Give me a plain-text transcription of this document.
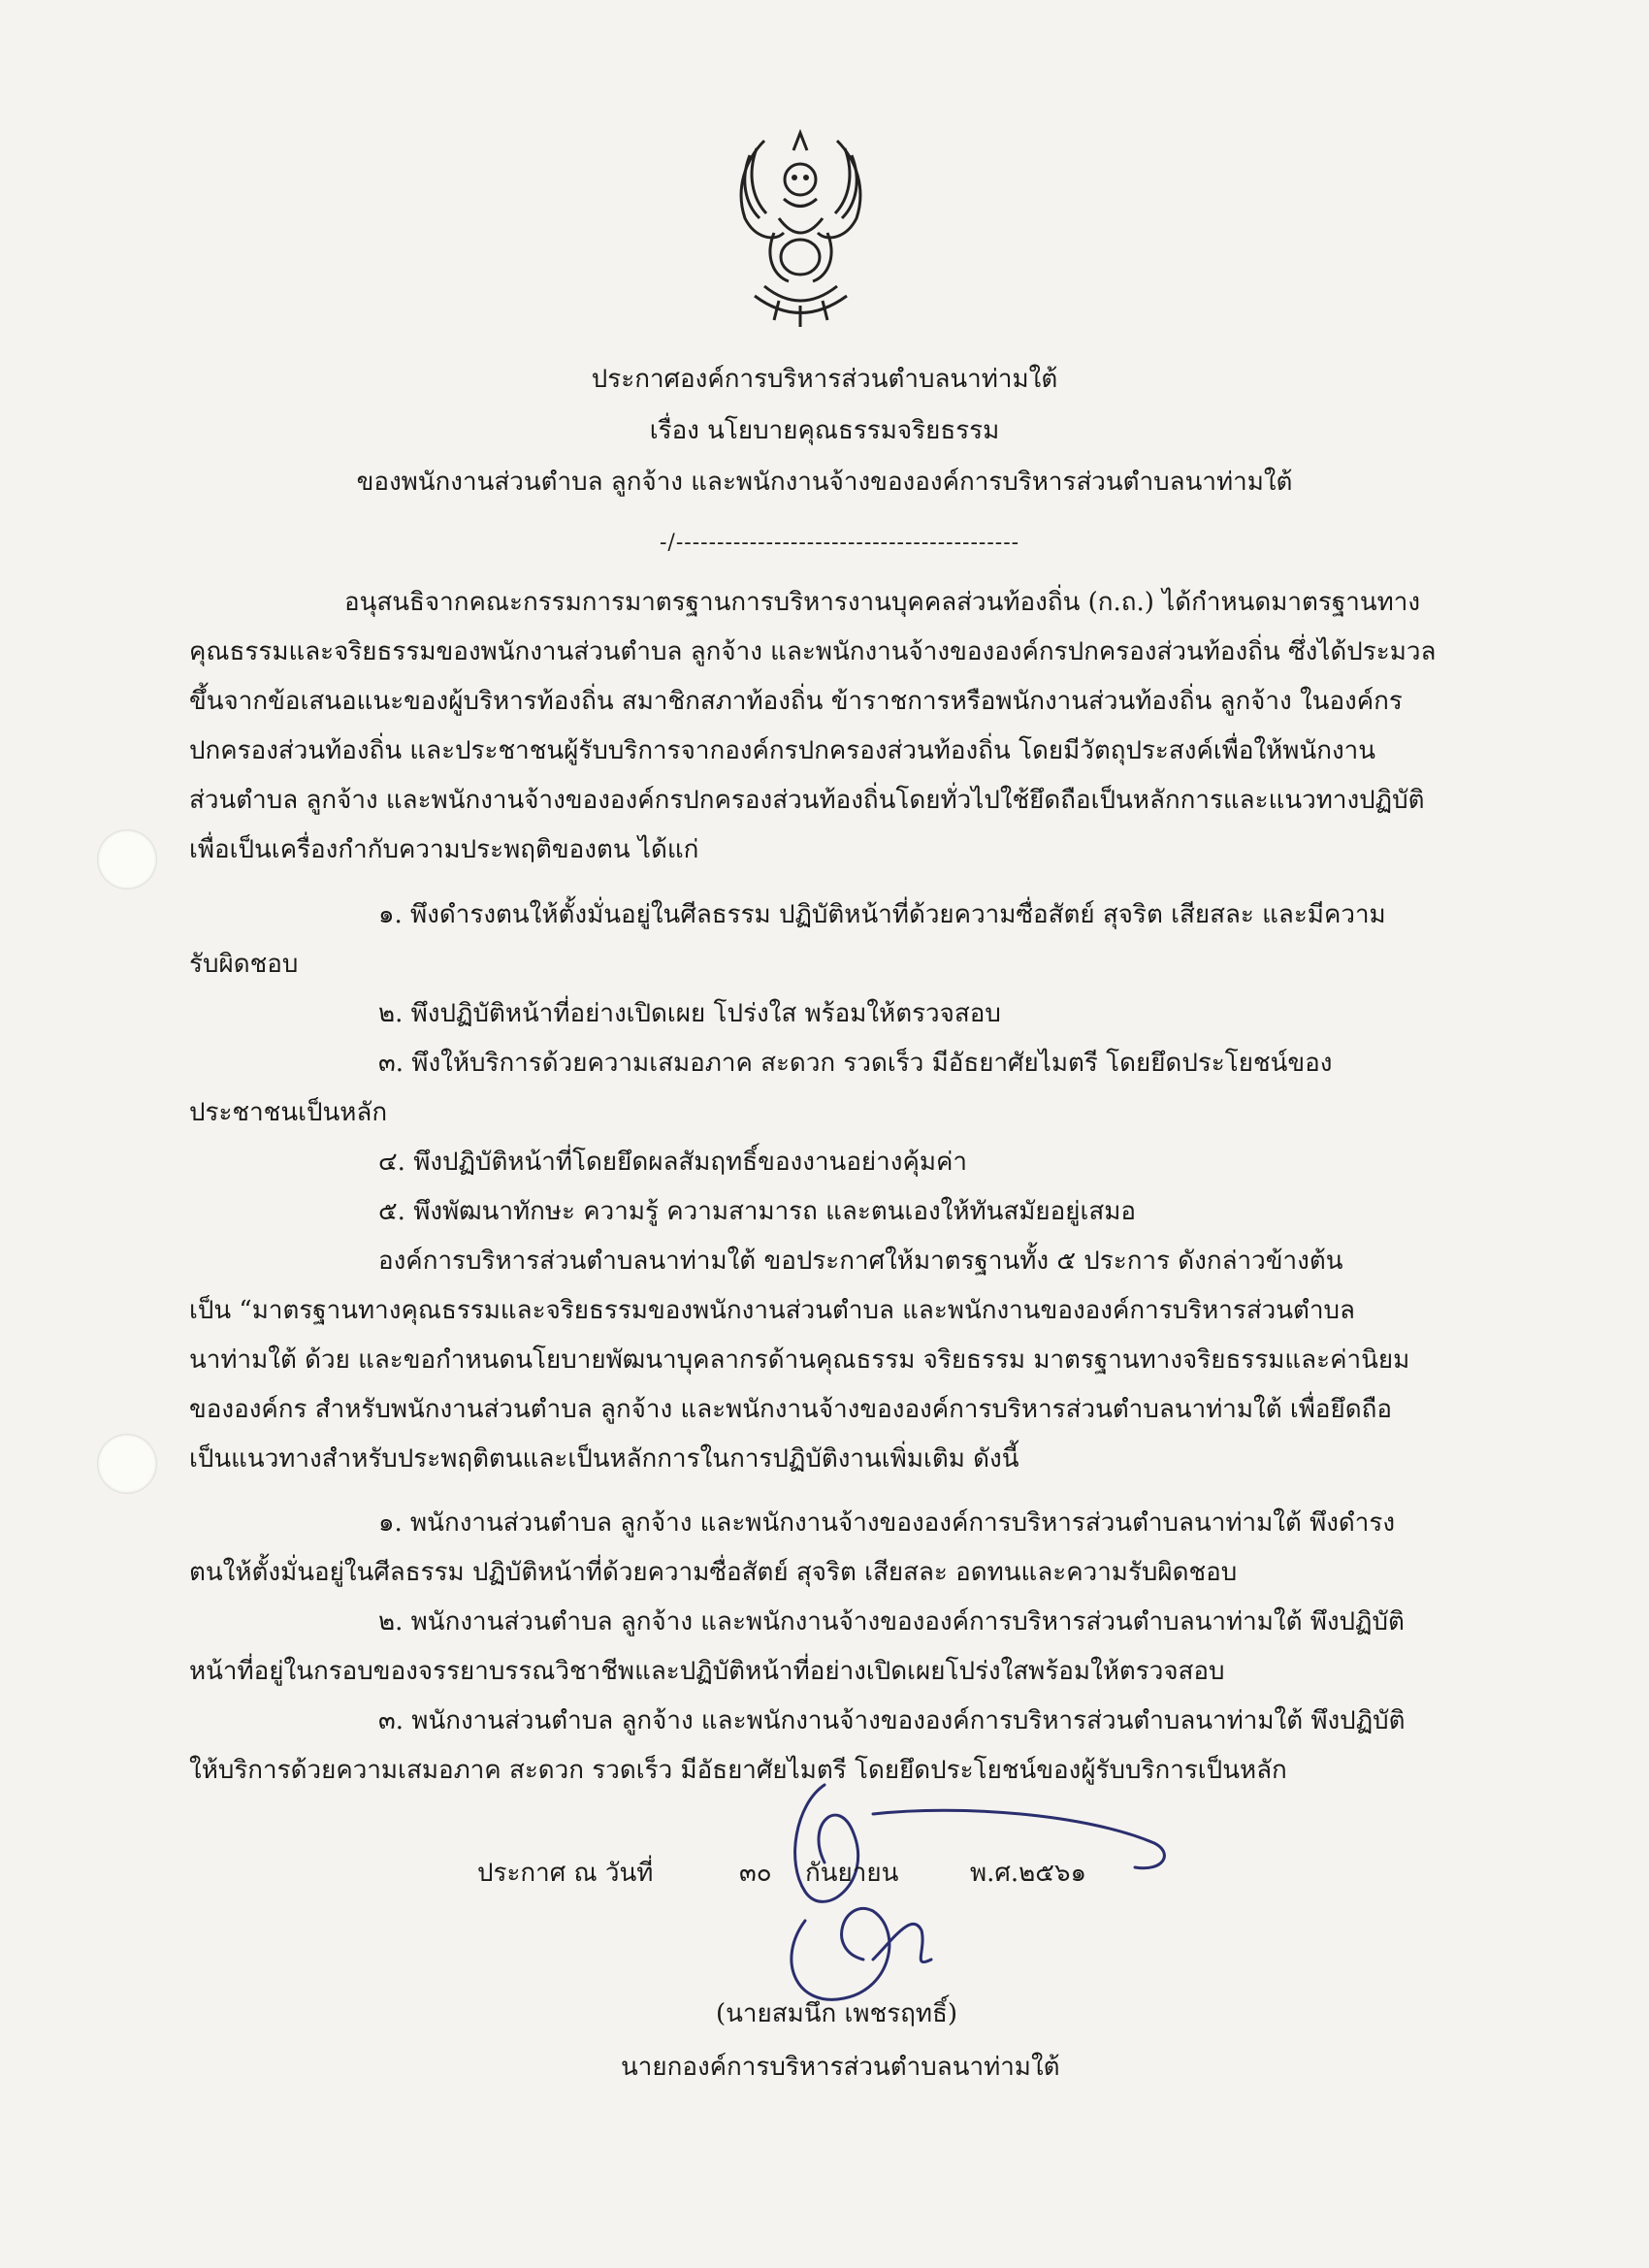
ประกาศองค์การบริหารส่วนตำบลนาท่ามใต้
เรื่อง นโยบายคุณธรรมจริยธรรม
ของพนักงานส่วนตำบล ลูกจ้าง และพนักงานจ้างขององค์การบริหารส่วนตำบลนาท่ามใต้
-/------------------------------------------
อนุสนธิจากคณะกรรมการมาตรฐานการบริหารงานบุคคลส่วนท้องถิ่น (ก.ถ.) ได้กำหนดมาตรฐานทาง
คุณธรรมและจริยธรรมของพนักงานส่วนตำบล ลูกจ้าง และพนักงานจ้างขององค์กรปกครองส่วนท้องถิ่น ซึ่งได้ประมวล
ขึ้นจากข้อเสนอแนะของผู้บริหารท้องถิ่น สมาชิกสภาท้องถิ่น ข้าราชการหรือพนักงานส่วนท้องถิ่น ลูกจ้าง ในองค์กร
ปกครองส่วนท้องถิ่น และประชาชนผู้รับบริการจากองค์กรปกครองส่วนท้องถิ่น โดยมีวัตถุประสงค์เพื่อให้พนักงาน
ส่วนตำบล ลูกจ้าง และพนักงานจ้างขององค์กรปกครองส่วนท้องถิ่นโดยทั่วไปใช้ยึดถือเป็นหลักการและแนวทางปฏิบัติ
เพื่อเป็นเครื่องกำกับความประพฤติของตน ได้แก่
๑. พึงดำรงตนให้ตั้งมั่นอยู่ในศีลธรรม ปฏิบัติหน้าที่ด้วยความซื่อสัตย์ สุจริต เสียสละ และมีความ
รับผิดชอบ
๒. พึงปฏิบัติหน้าที่อย่างเปิดเผย โปร่งใส พร้อมให้ตรวจสอบ
๓. พึงให้บริการด้วยความเสมอภาค สะดวก รวดเร็ว มีอัธยาศัยไมตรี โดยยึดประโยชน์ของ
ประชาชนเป็นหลัก
๔. พึงปฏิบัติหน้าที่โดยยึดผลสัมฤทธิ์ของงานอย่างคุ้มค่า
๕. พึงพัฒนาทักษะ ความรู้ ความสามารถ และตนเองให้ทันสมัยอยู่เสมอ
องค์การบริหารส่วนตำบลนาท่ามใต้ ขอประกาศให้มาตรฐานทั้ง ๕ ประการ ดังกล่าวข้างต้น
เป็น “มาตรฐานทางคุณธรรมและจริยธรรมของพนักงานส่วนตำบล และพนักงานขององค์การบริหารส่วนตำบล
นาท่ามใต้ ด้วย และขอกำหนดนโยบายพัฒนาบุคลากรด้านคุณธรรม จริยธรรม มาตรฐานทางจริยธรรมและค่านิยม
ขององค์กร สำหรับพนักงานส่วนตำบล ลูกจ้าง และพนักงานจ้างขององค์การบริหารส่วนตำบลนาท่ามใต้ เพื่อยึดถือ
เป็นแนวทางสำหรับประพฤติตนและเป็นหลักการในการปฏิบัติงานเพิ่มเติม ดังนี้
๑. พนักงานส่วนตำบล ลูกจ้าง และพนักงานจ้างขององค์การบริหารส่วนตำบลนาท่ามใต้ พึงดำรง
ตนให้ตั้งมั่นอยู่ในศีลธรรม ปฏิบัติหน้าที่ด้วยความซื่อสัตย์ สุจริต เสียสละ อดทนและความรับผิดชอบ
๒. พนักงานส่วนตำบล ลูกจ้าง และพนักงานจ้างขององค์การบริหารส่วนตำบลนาท่ามใต้ พึงปฏิบัติ
หน้าที่อยู่ในกรอบของจรรยาบรรณวิชาชีพและปฏิบัติหน้าที่อย่างเปิดเผยโปร่งใสพร้อมให้ตรวจสอบ
๓. พนักงานส่วนตำบล ลูกจ้าง และพนักงานจ้างขององค์การบริหารส่วนตำบลนาท่ามใต้ พึงปฏิบัติ
ให้บริการด้วยความเสมอภาค สะดวก รวดเร็ว มีอัธยาศัยไมตรี โดยยึดประโยชน์ของผู้รับบริการเป็นหลัก
ประกาศ ณ วันที่	๓๐ กันยายน	พ.ศ.๒๕๖๑
(นายสมนึก เพชรฤทธิ์)
นายกองค์การบริหารส่วนตำบลนาท่ามใต้
